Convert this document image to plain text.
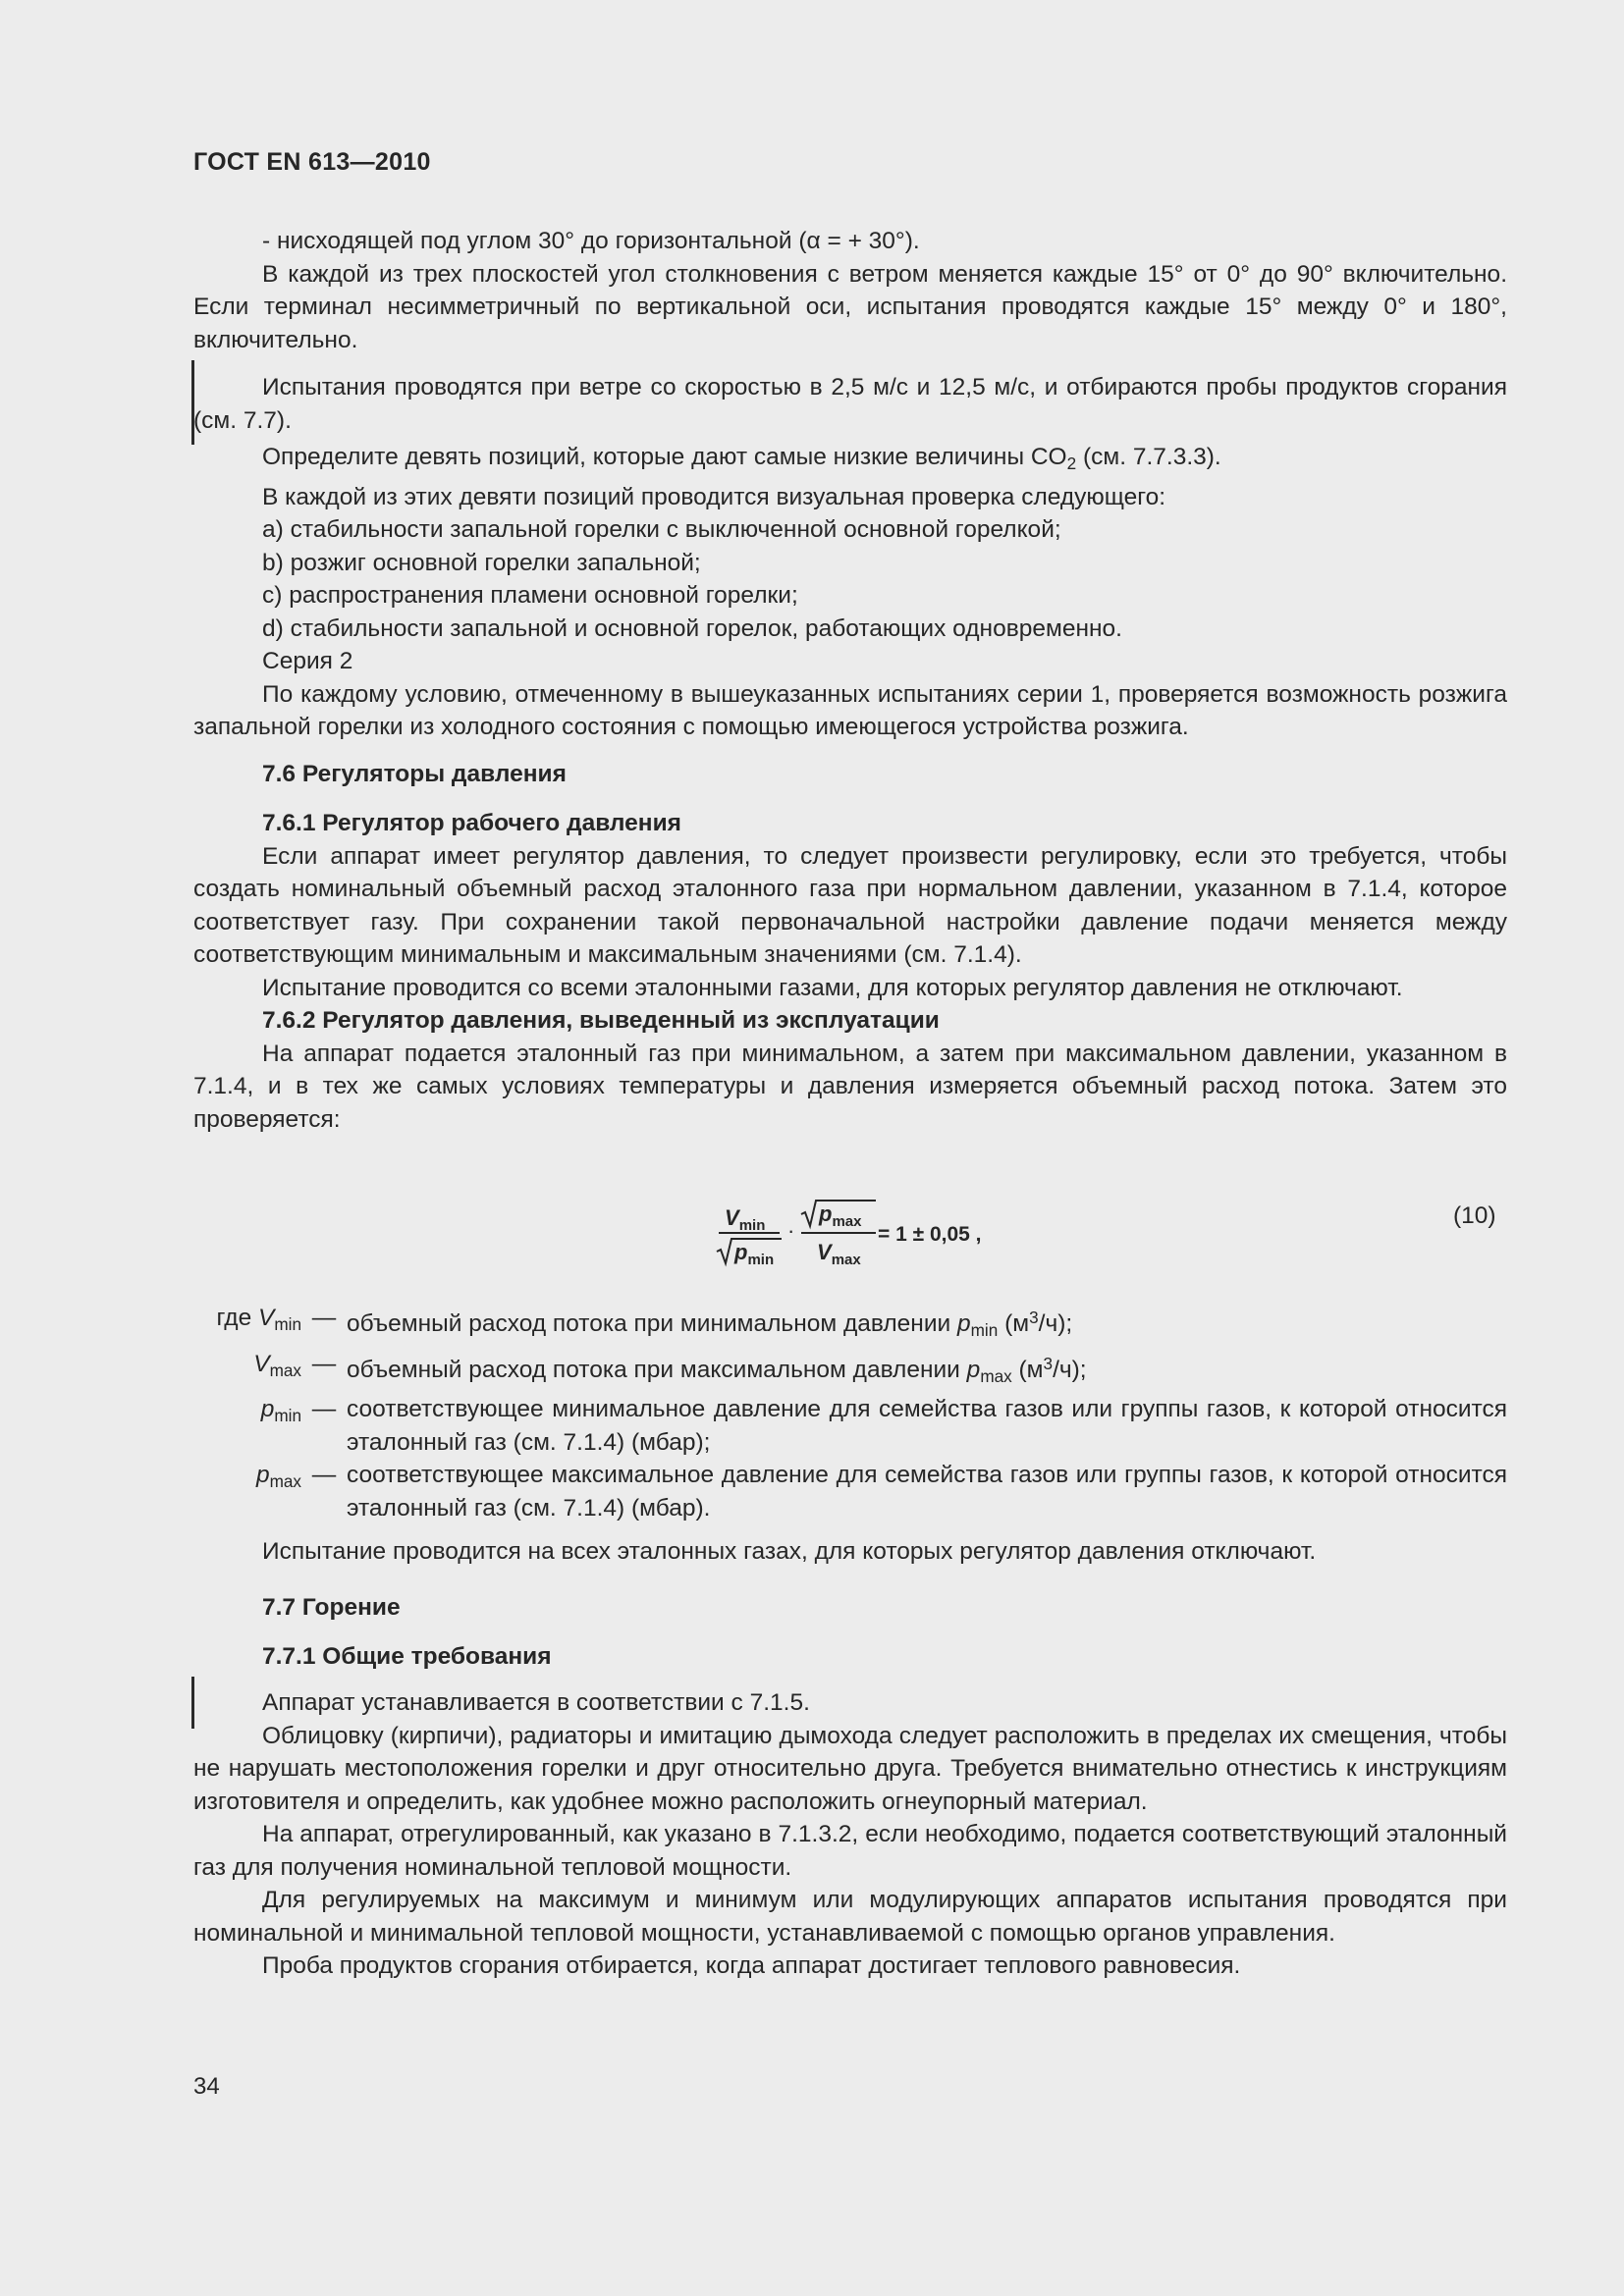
ГОСТ EN 613—2010

- нисходящей под углом 30° до горизонтальной (α = + 30°).

В каждой из трех плоскостей угол столкновения с ветром меняется каждые 15° от 0° до 90° включительно. Если терминал несимметричный по вертикальной оси, испытания проводятся каждые 15° между 0° и 180°, включительно.

Испытания проводятся при ветре со скоростью в 2,5 м/с и 12,5 м/с, и отбираются пробы продуктов сгорания (см. 7.7).

Определите девять позиций, которые дают самые низкие величины $CO_2$ (см. 7.7.3.3).

В каждой из этих девяти позиций проводится визуальная проверка следующего:

a) стабильности запальной горелки с выключенной основной горелкой;

b) розжиг основной горелки запальной;

c) распространения пламени основной горелки;

d) стабильности запальной и основной горелок, работающих одновременно.

Серия 2

По каждому условию, отмеченному в вышеуказанных испытаниях серии 1, проверяется возможность розжига запальной горелки из холодного состояния с помощью имеющегося устройства розжига.

7.6 Регуляторы давления

7.6.1 Регулятор рабочего давления

Если аппарат имеет регулятор давления, то следует произвести регулировку, если это требуется, чтобы создать номинальный объемный расход эталонного газа при нормальном давлении, указанном в 7.1.4, которое соответствует газу. При сохранении такой первоначальной настройки давление подачи меняется между соответствующим минимальным и максимальным значениями (см. 7.1.4).

Испытание проводится со всеми эталонными газами, для которых регулятор давления не отключают.

7.6.2 Регулятор давления, выведенный из эксплуатации

На аппарат подается эталонный газ при минимальном, а затем при максимальном давлении, указанном в 7.1.4, и в тех же самых условиях температуры и давления измеряется объемный расход потока. Затем это проверяется:

$V_{min}$
$p_{min}$
·
$p_{max}$
$V_{max}$
= 1 ± 0,05 ,
(10)
где $V_{min}$ — объемный расход потока при минимальном давлении $p_{min}$ $(м^3/ч)$;
$V_{max}$ — объемный расход потока при максимальном давлении $p_{max}$ $(м^3/ч)$;
$p_{min}$ — соответствующее минимальное давление для семейства газов или группы газов, к которой относится эталонный газ (см. 7.1.4) (мбар);
$p_{max}$ — соответствующее максимальное давление для семейства газов или группы газов, к которой относится эталонный газ (см. 7.1.4) (мбар).

Испытание проводится на всех эталонных газах, для которых регулятор давления отключают.

7.7 Горение

7.7.1 Общие требования

Аппарат устанавливается в соответствии с 7.1.5.

Облицовку (кирпичи), радиаторы и имитацию дымохода следует расположить в пределах их смещения, чтобы не нарушать местоположения горелки и друг относительно друга. Требуется внимательно отнестись к инструкциям изготовителя и определить, как удобнее можно расположить огнеупорный материал.

На аппарат, отрегулированный, как указано в 7.1.3.2, если необходимо, подается соответствующий эталонный газ для получения номинальной тепловой мощности.

Для регулируемых на максимум и минимум или модулирующих аппаратов испытания проводятся при номинальной и минимальной тепловой мощности, устанавливаемой с помощью органов управления.

Проба продуктов сгорания отбирается, когда аппарат достигает теплового равновесия.

34
